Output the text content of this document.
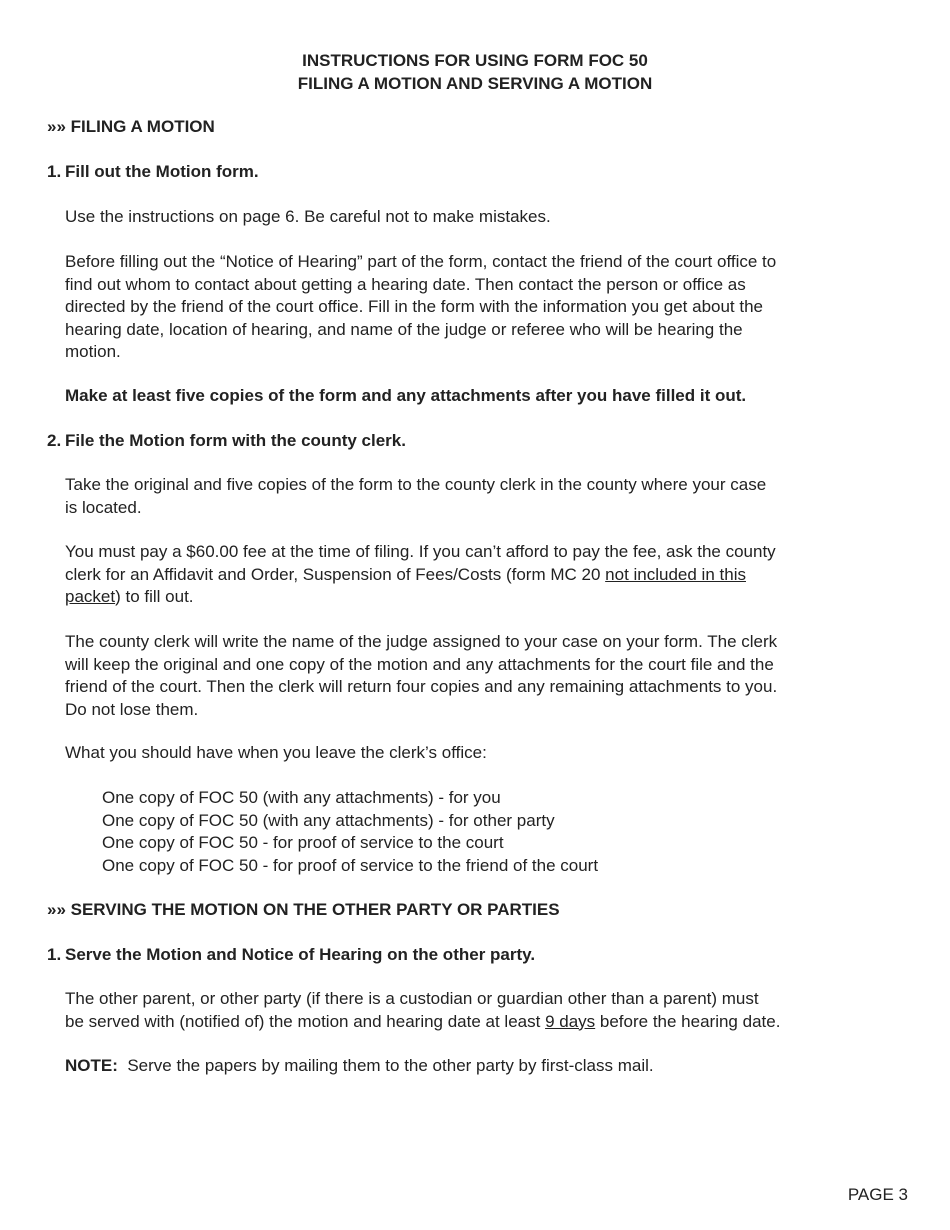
INSTRUCTIONS FOR USING FORM FOC 50
FILING A MOTION AND SERVING A MOTION
»» FILING A MOTION
1. Fill out the Motion form.
Use the instructions on page 6. Be careful not to make mistakes.
Before filling out the “Notice of Hearing” part of the form, contact the friend of the court office to
find out whom to contact about getting a hearing date. Then contact the person or office as
directed by the friend of the court office. Fill in the form with the information you get about the
hearing date, location of hearing, and name of the judge or referee who will be hearing the
motion.
Make at least five copies of the form and any attachments after you have filled it out.
2. File the Motion form with the county clerk.
Take the original and five copies of the form to the county clerk in the county where your case
is located.
You must pay a $60.00 fee at the time of filing. If you can’t afford to pay the fee, ask the county
clerk for an Affidavit and Order, Suspension of Fees/Costs (form MC 20 not included in this
packet) to fill out.
The county clerk will write the name of the judge assigned to your case on your form. The clerk
will keep the original and one copy of the motion and any attachments for the court file and the
friend of the court. Then the clerk will return four copies and any remaining attachments to you.
Do not lose them.
What you should have when you leave the clerk’s office:
One copy of FOC 50 (with any attachments) - for you
One copy of FOC 50 (with any attachments) - for other party
One copy of FOC 50 - for proof of service to the court
One copy of FOC 50 - for proof of service to the friend of the court
»» SERVING THE MOTION ON THE OTHER PARTY OR PARTIES
1. Serve the Motion and Notice of Hearing on the other party.
The other parent, or other party (if there is a custodian or guardian other than a parent) must
be served with (notified of) the motion and hearing date at least 9 days before the hearing date.
NOTE:  Serve the papers by mailing them to the other party by first-class mail.
PAGE 3
